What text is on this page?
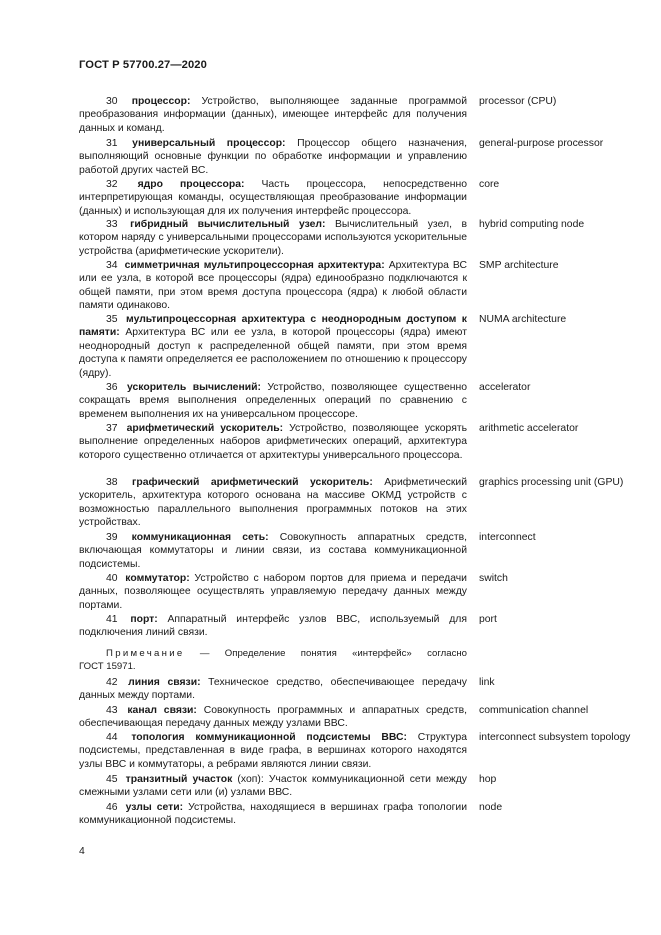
ГОСТ Р 57700.27—2020
30 процессор: Устройство, выполняющее заданные программой преобразования информации (данных), имеющее интерфейс для получения данных и команд.
processor (CPU)
31 универсальный процессор: Процессор общего назначения, выполняющий основные функции по обработке информации и управлению работой других частей ВС.
general-purpose processor
32 ядро процессора: Часть процессора, непосредственно интерпретирующая команды, осуществляющая преобразование информации (данных) и использующая для их получения интерфейс процессора.
core
33 гибридный вычислительный узел: Вычислительный узел, в котором наряду с универсальными процессорами используются ускорительные устройства (арифметические ускорители).
hybrid computing node
34 симметричная мультипроцессорная архитектура: Архитектура ВС или ее узла, в которой все процессоры (ядра) единообразно подключаются к общей памяти, при этом время доступа процессора (ядра) к любой области памяти одинаково.
SMP architecture
35 мультипроцессорная архитектура с неоднородным доступом к памяти: Архитектура ВС или ее узла, в которой процессоры (ядра) имеют неоднородный доступ к распределенной общей памяти, при этом время доступа к памяти определяется ее расположением по отношению к процессору (ядру).
NUMA architecture
36 ускоритель вычислений: Устройство, позволяющее существенно сокращать время выполнения определенных операций по сравнению с временем выполнения их на универсальном процессоре.
accelerator
37 арифметический ускоритель: Устройство, позволяющее ускорять выполнение определенных наборов арифметических операций, архитектура которого существенно отличается от архитектуры универсального процессора.
arithmetic accelerator
38 графический арифметический ускоритель: Арифметический ускоритель, архитектура которого основана на массиве ОКМД устройств с возможностью параллельного выполнения программных потоков на этих устройствах.
graphics processing unit (GPU)
39 коммуникационная сеть: Совокупность аппаратных средств, включающая коммутаторы и линии связи, из состава коммуникационной подсистемы.
interconnect
40 коммутатор: Устройство с набором портов для приема и передачи данных, позволяющее осуществлять управляемую передачу данных между портами.
switch
41 порт: Аппаратный интерфейс узлов ВВС, используемый для подключения линий связи.
port
Примечание — Определение понятия «интерфейс» согласно
ГОСТ 15971.
42 линия связи: Техническое средство, обеспечивающее передачу данных между портами.
link
43 канал связи: Совокупность программных и аппаратных средств, обеспечивающая передачу данных между узлами ВВС.
communication channel
44 топология коммуникационной подсистемы ВВС: Структура подсистемы, представленная в виде графа, в вершинах которого находятся узлы ВВС и коммутаторы, а ребрами являются линии связи.
interconnect subsystem topology
45 транзитный участок (хоп): Участок коммуникационной сети между смежными узлами сети или (и) узлами ВВС.
hop
46 узлы сети: Устройства, находящиеся в вершинах графа топологии коммуникационной подсистемы.
node
4
